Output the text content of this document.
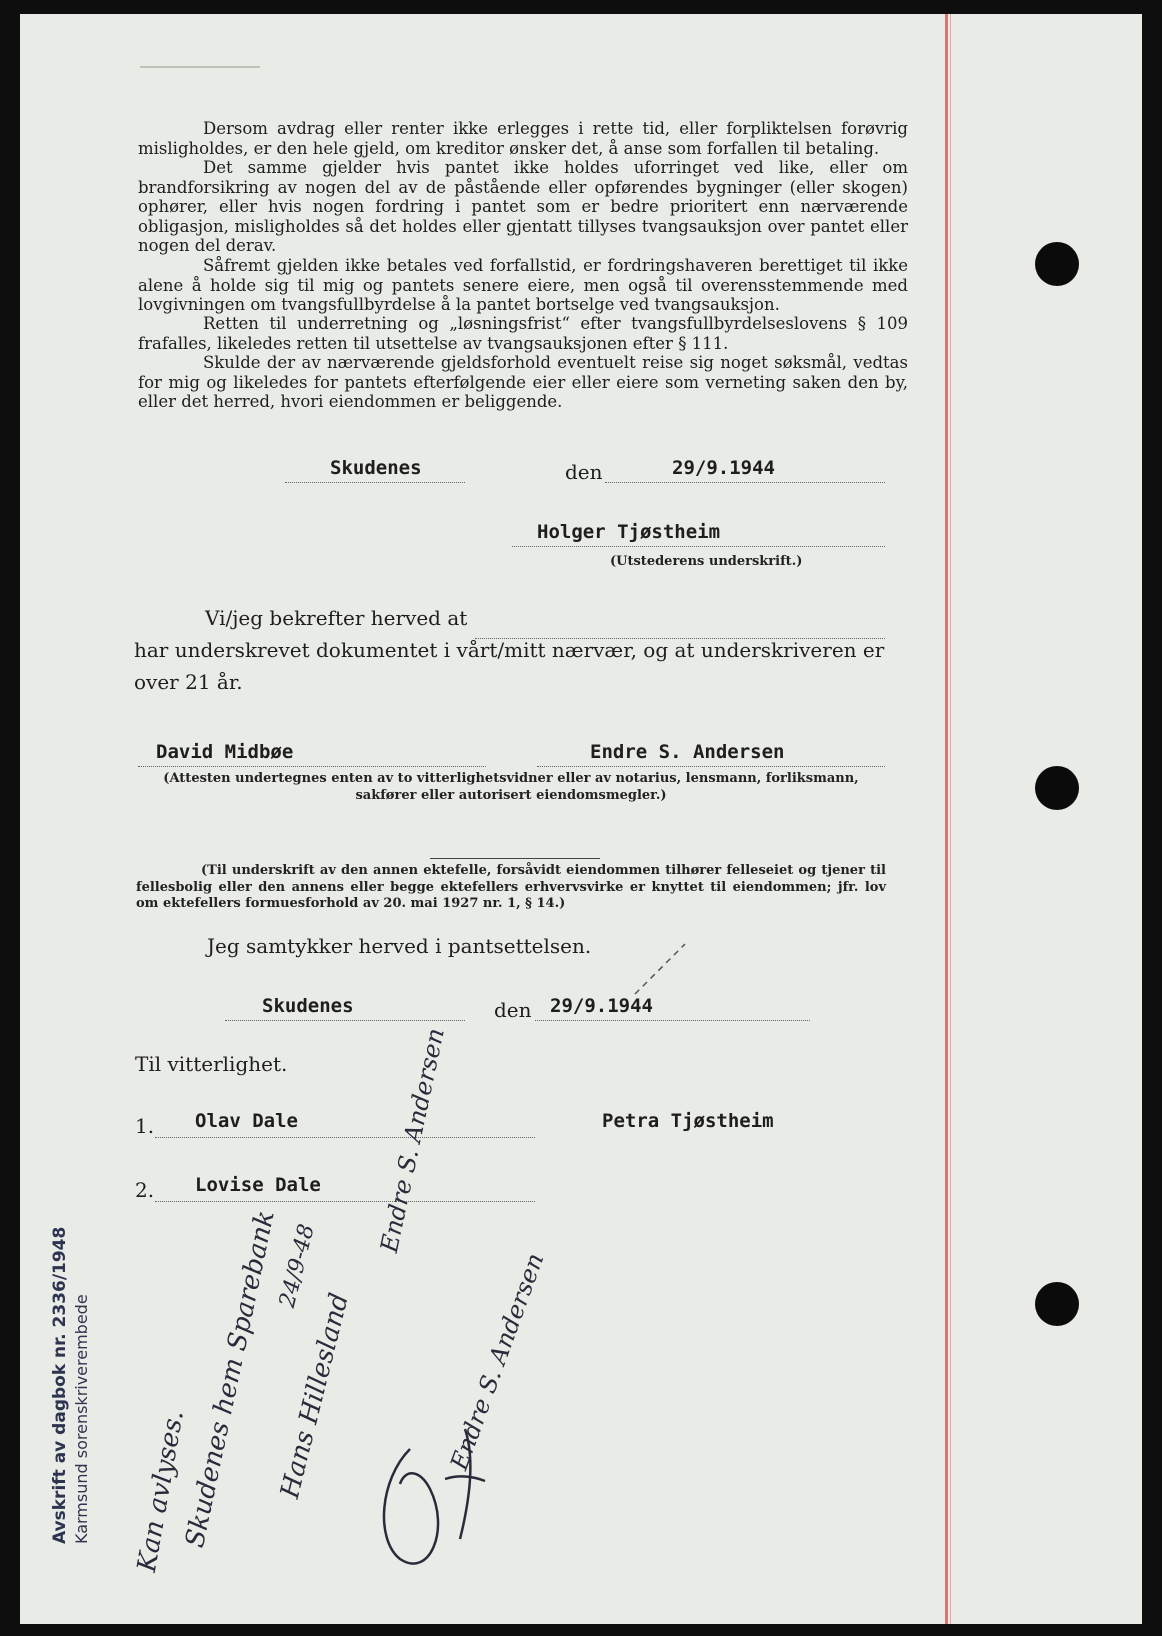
Dersom avdrag eller renter ikke erlegges i rette tid, eller forpliktelsen forøvrig misligholdes, er den hele gjeld, om kreditor ønsker det, å anse som forfallen til betaling.

Det samme gjelder hvis pantet ikke holdes uforringet ved like, eller om brandforsikring av nogen del av de påstående eller opførendes bygninger (eller skogen) ophører, eller hvis nogen fordring i pantet som er bedre prioritert enn nærværende obligasjon, misligholdes så det holdes eller gjentatt tillyses tvangsauksjon over pantet eller nogen del derav.

Såfremt gjelden ikke betales ved forfallstid, er fordringshaveren berettiget til ikke alene å holde sig til mig og pantets senere eiere, men også til overensstemmende med lovgivningen om tvangsfullbyrdelse å la pantet bortselge ved tvangsauksjon.

Retten til underretning og „løsningsfrist“ efter tvangsfullbyrdelseslovens § 109 frafalles, likeledes retten til utsettelse av tvangsauksjonen efter § 111.

Skulde der av nærværende gjeldsforhold eventuelt reise sig noget søksmål, vedtas for mig og likeledes for pantets efterfølgende eier eller eiere som verneting saken den by, eller det herred, hvori eiendommen er beliggende.

Skudenes	den	29/9.1944
Holger Tjøstheim
(Utstederens underskrift.)
Vi/jeg bekrefter herved at
har underskrevet dokumentet i vårt/mitt nærvær, og at underskriveren er
over 21 år.
David Midbøe	Endre S. Andersen
(Attesten undertegnes enten av to vitterlighetsvidner eller av notarius, lensmann, forliksmann, sakfører eller autorisert eiendomsmegler.)
(Til underskrift av den annen ektefelle, forsåvidt eiendommen tilhører felleseiet og tjener til fellesbolig eller den annens eller begge ektefellers erhvervsvirke er knyttet til eiendommen; jfr. lov om ektefellers formuesforhold av 20. mai 1927 nr. 1, § 14.)
Jeg samtykker herved i pantsettelsen.
Skudenes	den 29/9.1944
Til vitterlighet.
1. Olav Dale	Petra Tjøstheim
2. Lovise Dale
Avskrift av dagbok nr. 2336/1948 Karmsund sorenskriverembede Kan avlyses.
Skudenes hem Sparebank
Hans Hillesland
24/9-48
Endre S. Andersen
Endre S. Andersen
